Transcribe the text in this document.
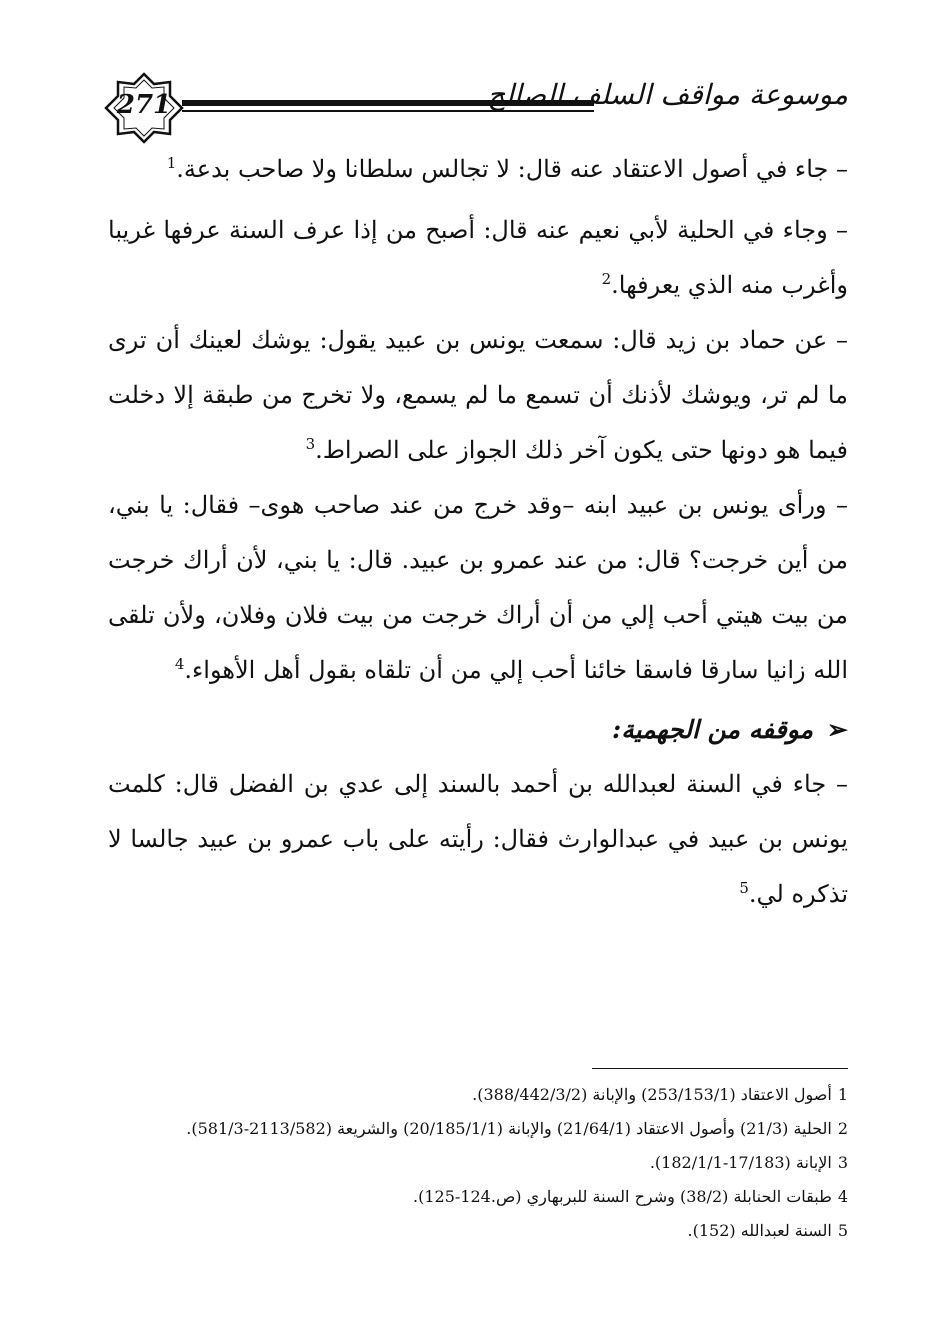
271	موسوعة مواقف السلف الصالح

– جاء في أصول الاعتقاد عنه قال: لا تجالس سلطانا ولا صاحب بدعة.$^1$

– وجاء في الحلية لأبي نعيم عنه قال: أصبح من إذا عرف السنة عرفها غريبا وأغرب منه الذي يعرفها.$^2$

– عن حماد بن زيد قال: سمعت يونس بن عبيد يقول: يوشك لعينك أن ترى ما لم تر، ويوشك لأذنك أن تسمع ما لم يسمع، ولا تخرج من طبقة إلا دخلت فيما هو دونها حتى يكون آخر ذلك الجواز على الصراط.$^3$

– ورأى يونس بن عبيد ابنه –وقد خرج من عند صاحب هوى– فقال: يا بني، من أين خرجت؟ قال: من عند عمرو بن عبيد. قال: يا بني، لأن أراك خرجت من بيت هيتي أحب إلي من أن أراك خرجت من بيت فلان وفلان، ولأن تلقى الله زانيا سارقا فاسقا خائنا أحب إلي من أن تلقاه بقول أهل الأهواء.$^4$

➢موقفه من الجهمية:

– جاء في السنة لعبدالله بن أحمد بالسند إلى عدي بن الفضل قال: كلمت يونس بن عبيد في عبدالوارث فقال: رأيته على باب عمرو بن عبيد جالسا لا تذكره لي.$^5$

1أصول الاعتقاد (253/153/1) والإبانة (388/442/3/2).

2الحلية (21/3) وأصول الاعتقاد (21/64/1) والإبانة (20/185/1/1) والشريعة (2113/582-581/3).

3الإبانة (17/183-182/1/1).

4طبقات الحنابلة (38/2) وشرح السنة للبربهاري (ص.124-125).

5السنة لعبدالله (152).
